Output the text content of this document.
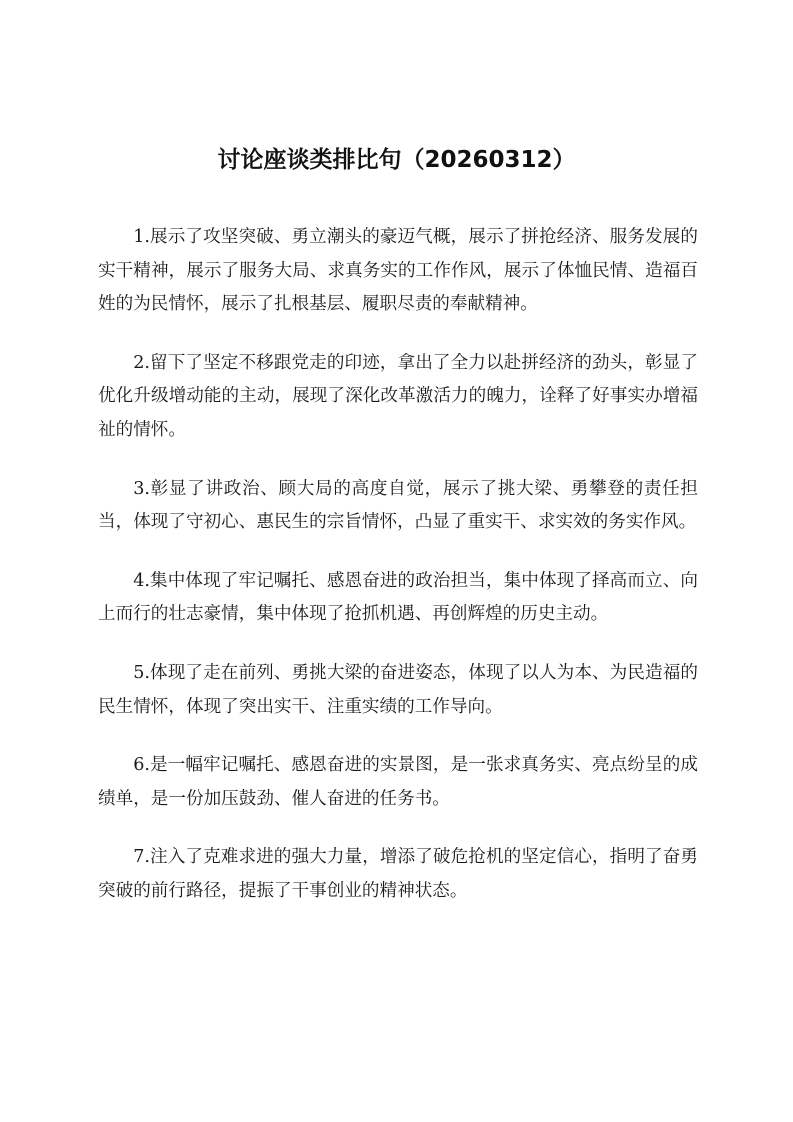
讨论座谈类排比句（20260312）

1.展示了攻坚突破、勇立潮头的豪迈气概，展示了拼抢经济、服务发展的实干精神，展示了服务大局、求真务实的工作作风，展示了体恤民情、造福百姓的为民情怀，展示了扎根基层、履职尽责的奉献精神。

2.留下了坚定不移跟党走的印迹，拿出了全力以赴拼经济的劲头，彰显了优化升级增动能的主动，展现了深化改革激活力的魄力，诠释了好事实办增福祉的情怀。

3.彰显了讲政治、顾大局的高度自觉，展示了挑大梁、勇攀登的责任担当，体现了守初心、惠民生的宗旨情怀，凸显了重实干、求实效的务实作风。

4.集中体现了牢记嘱托、感恩奋进的政治担当，集中体现了择高而立、向上而行的壮志豪情，集中体现了抢抓机遇、再创辉煌的历史主动。

5.体现了走在前列、勇挑大梁的奋进姿态，体现了以人为本、为民造福的民生情怀，体现了突出实干、注重实绩的工作导向。

6.是一幅牢记嘱托、感恩奋进的实景图，是一张求真务实、亮点纷呈的成绩单，是一份加压鼓劲、催人奋进的任务书。

7.注入了克难求进的强大力量，增添了破危抢机的坚定信心，指明了奋勇突破的前行路径，提振了干事创业的精神状态。
